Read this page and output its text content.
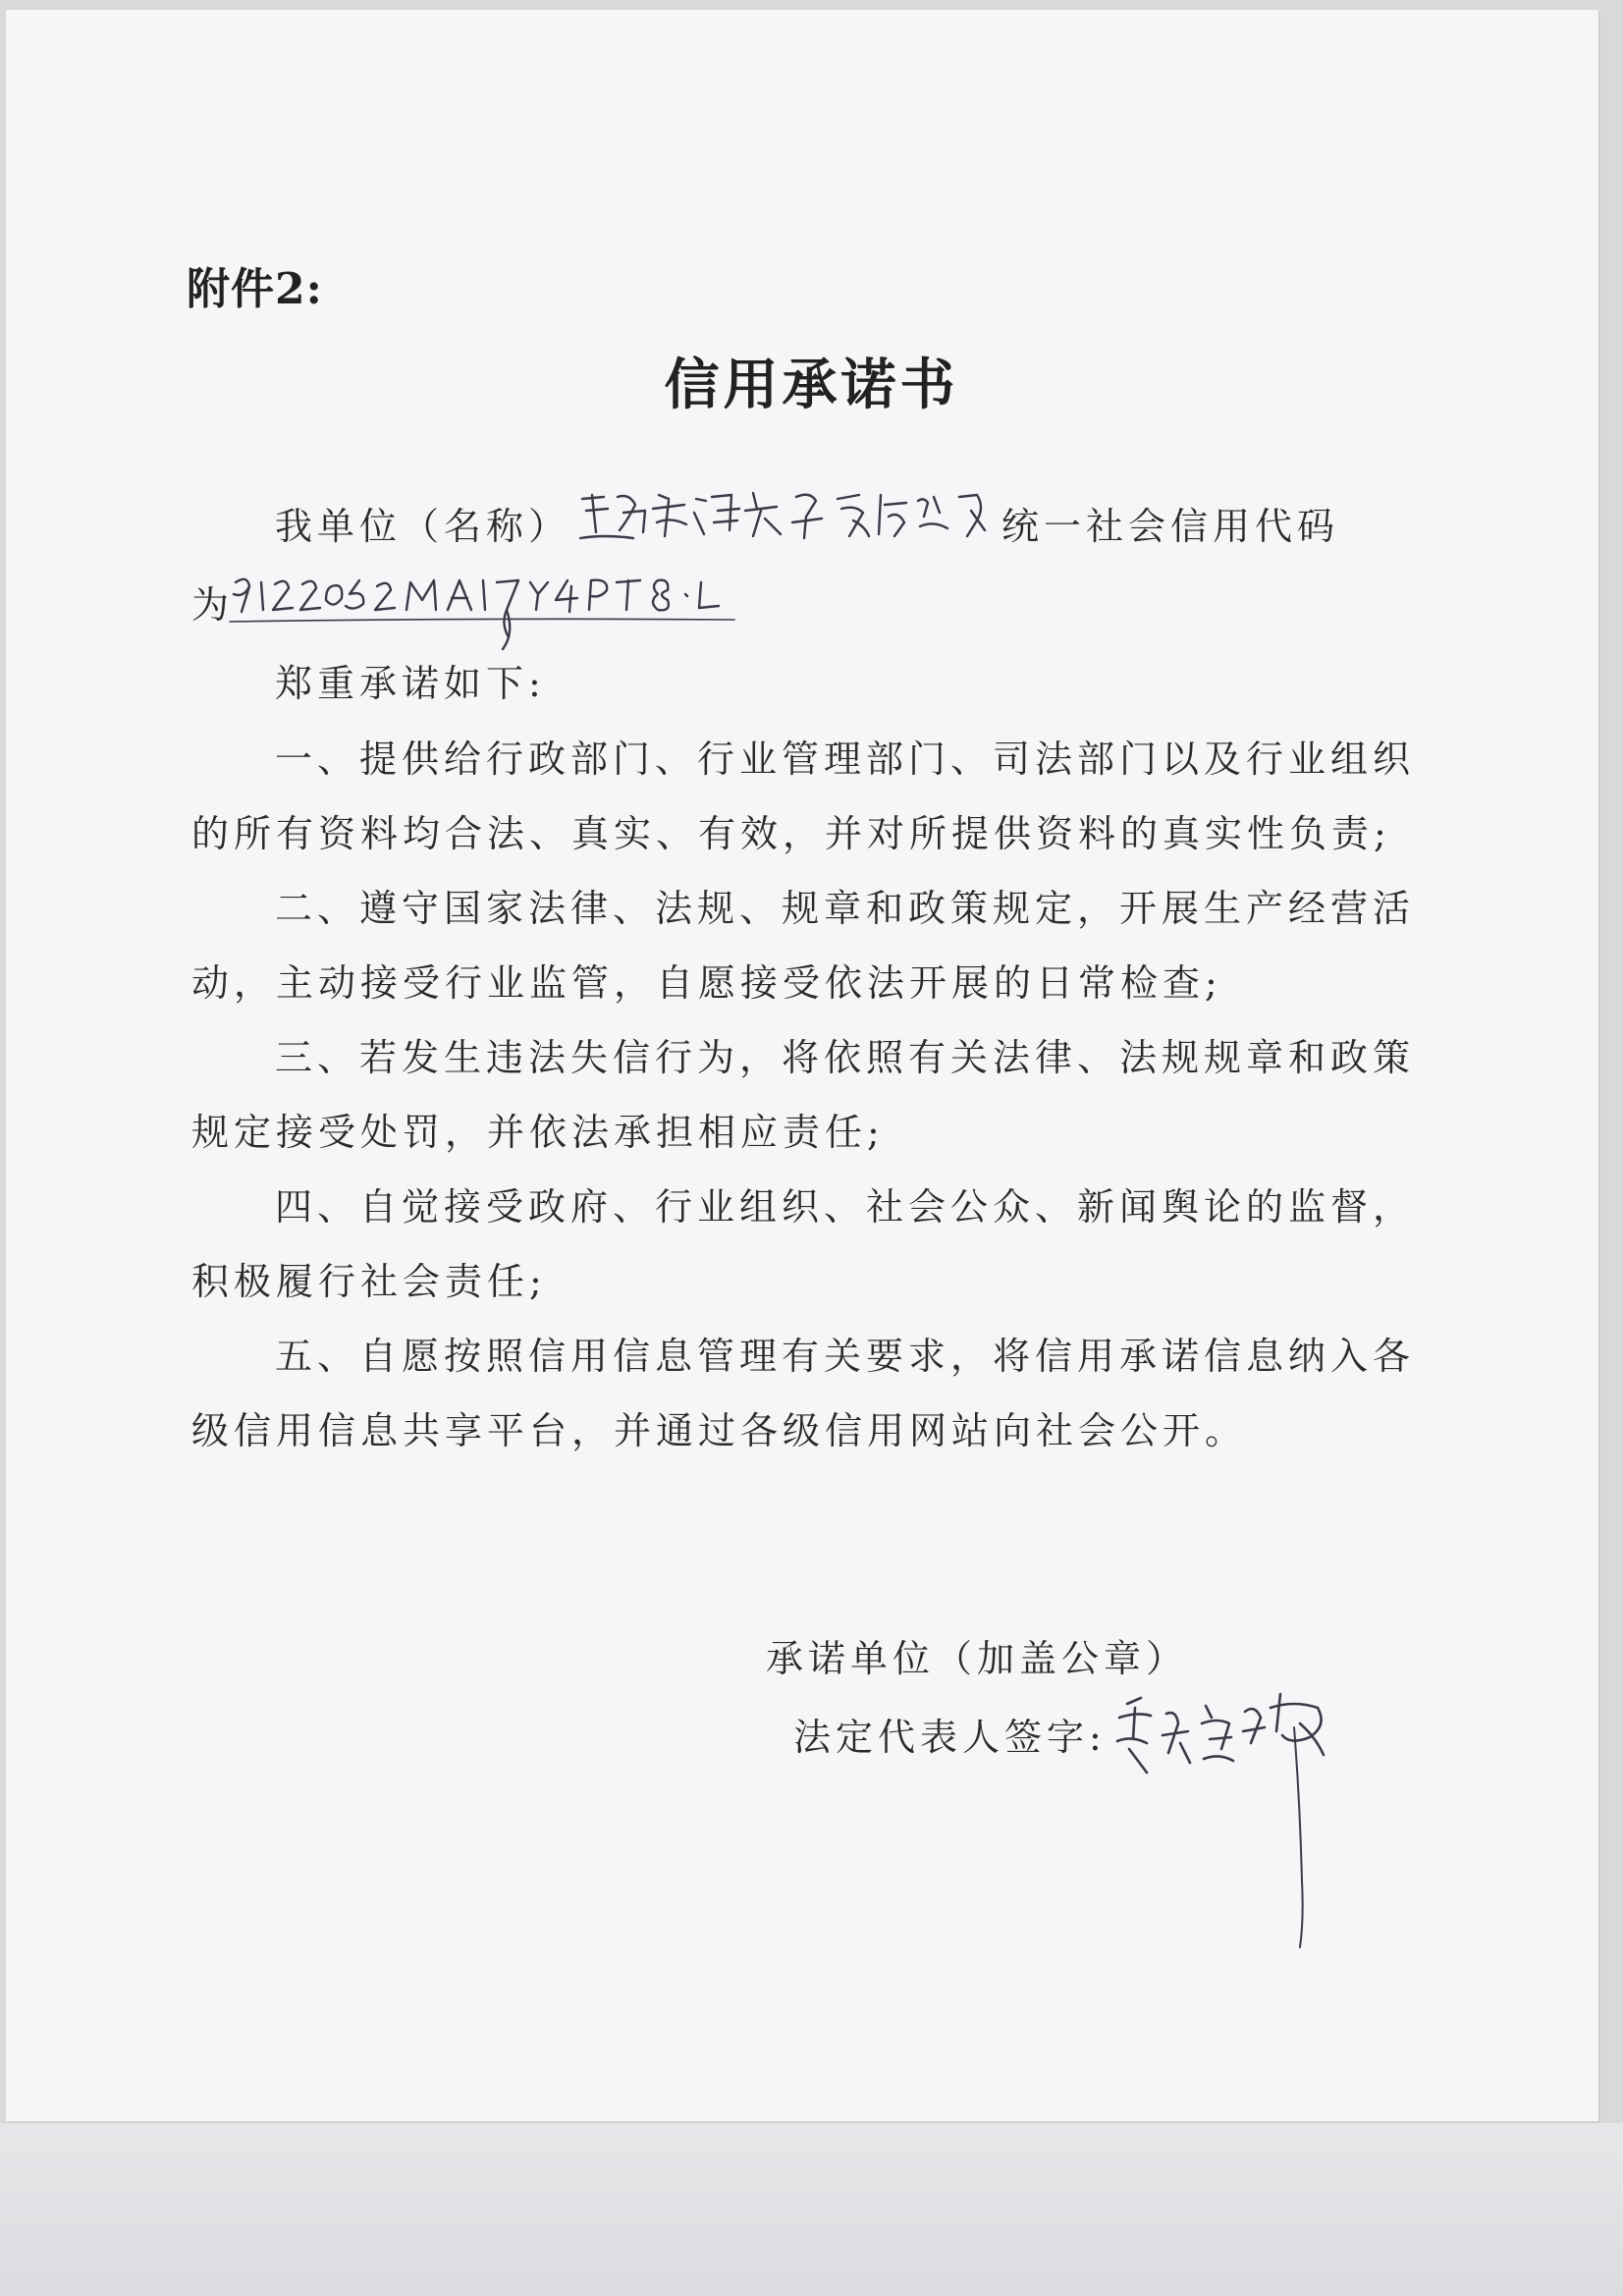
附件2:
信用承诺书
我单位（名称）	统一社会信用代码
为
郑重承诺如下:
一、提供给行政部门、行业管理部门、司法部门以及行业组织
的所有资料均合法、真实、有效，并对所提供资料的真实性负责;
二、遵守国家法律、法规、规章和政策规定，开展生产经营活
动，主动接受行业监管，自愿接受依法开展的日常检查;
三、若发生违法失信行为，将依照有关法律、法规规章和政策
规定接受处罚，并依法承担相应责任;
四、自觉接受政府、行业组织、社会公众、新闻舆论的监督，
积极履行社会责任;
五、自愿按照信用信息管理有关要求，将信用承诺信息纳入各
级信用信息共享平台，并通过各级信用网站向社会公开。
承诺单位（加盖公章）
法定代表人签字:
